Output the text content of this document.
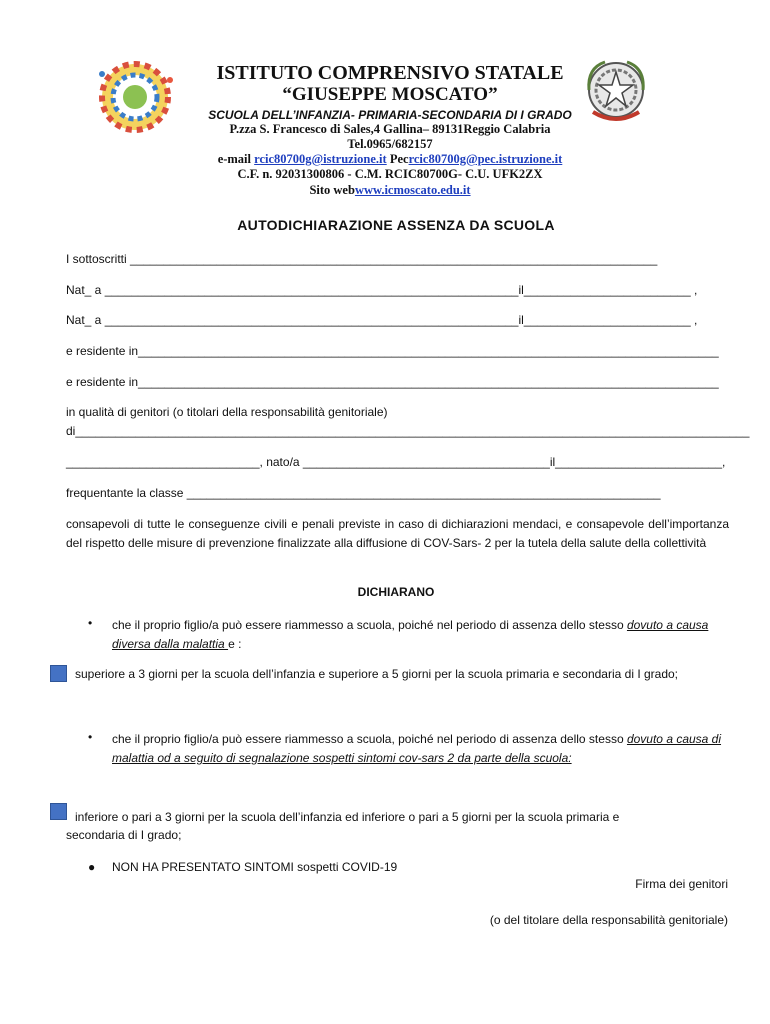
ISTITUTO COMPRENSIVO STATALE
“GIUSEPPE MOSCATO”
SCUOLA DELL’INFANZIA- PRIMARIA-SECONDARIA DI I GRADO
P.zza S. Francesco di Sales,4 Gallina– 89131Reggio Calabria
Tel.0965/682157
e-mail rcic80700g@istruzione.it Pecrcic80700g@pec.istruzione.it
C.F. n. 92031300806 - C.M. RCIC80700G- C.U. UFK2ZX
Sito webwww.icmoscato.edu.it
AUTODICHIARAZIONE ASSENZA DA SCUOLA
I sottoscritti _______________________________________________________________________________
Nat_ a ______________________________________________________________il_________________________ ,
Nat_ a ______________________________________________________________il_________________________ ,
e residente in_______________________________________________________________________________________
e residente in_______________________________________________________________________________________
in qualità di genitori (o titolari della responsabilità genitoriale)
di_____________________________________________________________________________________________________
_____________________________, nato/a _____________________________________il_________________________,
frequentante la classe _______________________________________________________________________
consapevoli di tutte le conseguenze civili e penali previste in caso di dichiarazioni mendaci, e consapevole dell’importanza del rispetto delle misure di prevenzione finalizzate alla diffusione di COV-Sars- 2 per la tutela della salute della collettività
DICHIARANO
• che il proprio figlio/a può essere riammesso a scuola, poiché nel periodo di assenza dello stesso dovuto a causa diversa dalla malattia e :
superiore a 3 giorni per la scuola dell’infanzia e superiore a 5 giorni per la scuola primaria e secondaria di I grado;
• che il proprio figlio/a può essere riammesso a scuola, poiché nel periodo di assenza dello stesso dovuto a causa di malattia od a seguito di segnalazione sospetti sintomi cov-sars 2 da parte della scuola:
inferiore o pari a 3 giorni per la scuola dell’infanzia ed inferiore o pari a 5 giorni per la scuola primaria e
secondaria di I grado;
● NON HA PRESENTATO SINTOMI sospetti COVID-19
Firma dei genitori
(o del titolare della responsabilità genitoriale)
